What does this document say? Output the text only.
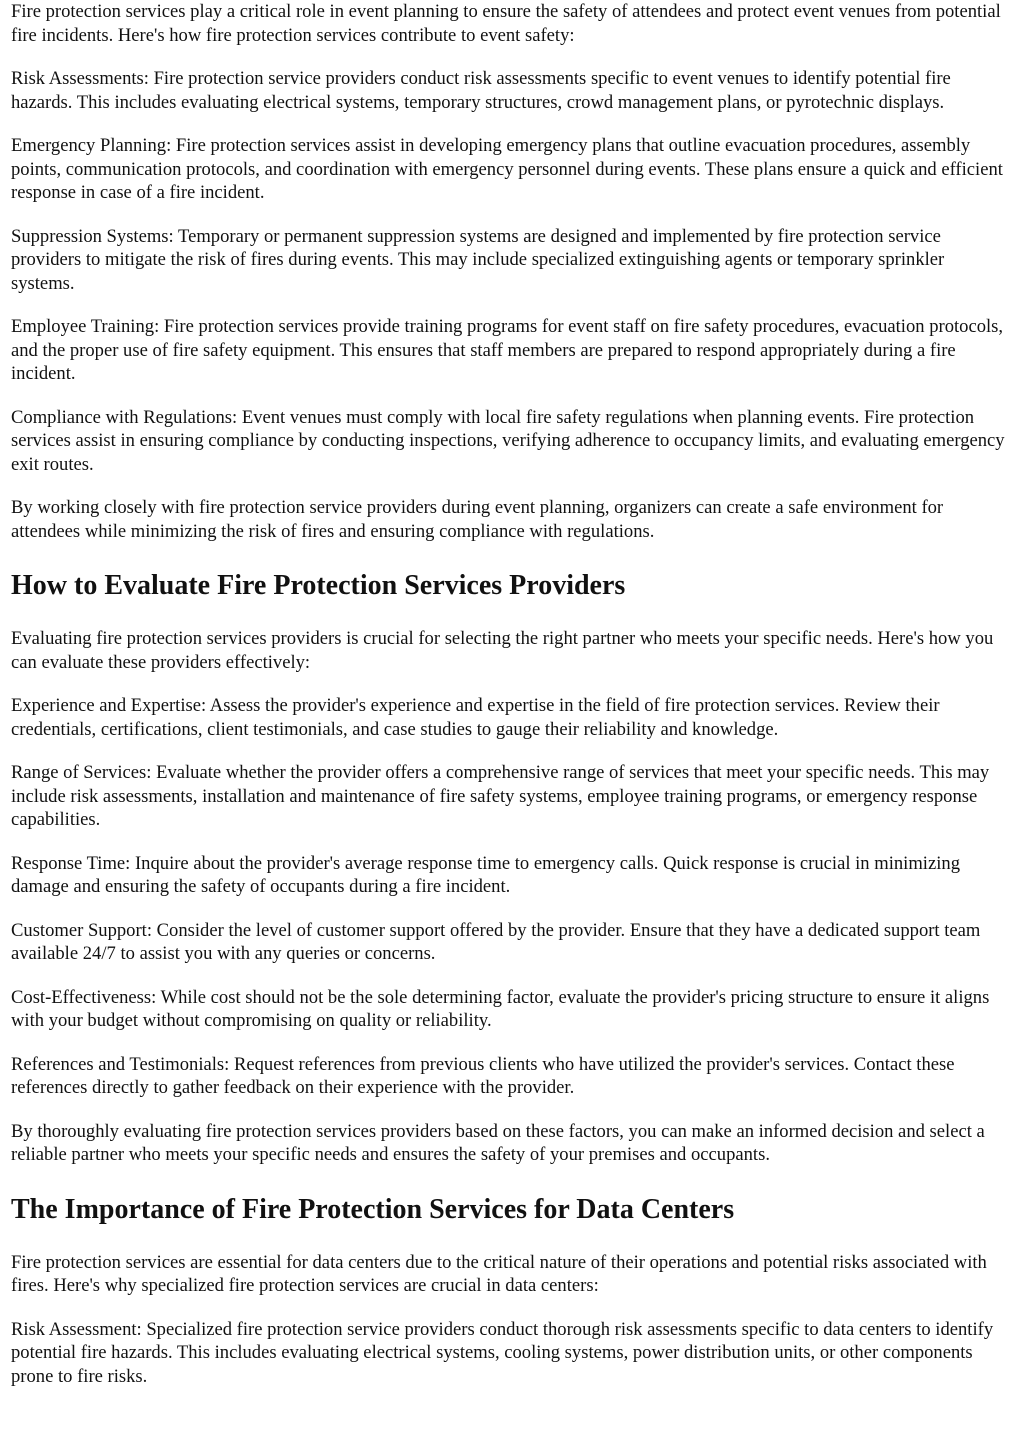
Fire protection services play a critical role in event planning to ensure the safety of attendees and protect event venues from potential fire incidents. Here's how fire protection services contribute to event safety:

Risk Assessments: Fire protection service providers conduct risk assessments specific to event venues to identify potential fire hazards. This includes evaluating electrical systems, temporary structures, crowd management plans, or pyrotechnic displays.

Emergency Planning: Fire protection services assist in developing emergency plans that outline evacuation procedures, assembly points, communication protocols, and coordination with emergency personnel during events. These plans ensure a quick and efficient response in case of a fire incident.

Suppression Systems: Temporary or permanent suppression systems are designed and implemented by fire protection service providers to mitigate the risk of fires during events. This may include specialized extinguishing agents or temporary sprinkler systems.

Employee Training: Fire protection services provide training programs for event staff on fire safety procedures, evacuation protocols, and the proper use of fire safety equipment. This ensures that staff members are prepared to respond appropriately during a fire incident.

Compliance with Regulations: Event venues must comply with local fire safety regulations when planning events. Fire protection services assist in ensuring compliance by conducting inspections, verifying adherence to occupancy limits, and evaluating emergency exit routes.

By working closely with fire protection service providers during event planning, organizers can create a safe environment for attendees while minimizing the risk of fires and ensuring compliance with regulations.

How to Evaluate Fire Protection Services Providers

Evaluating fire protection services providers is crucial for selecting the right partner who meets your specific needs. Here's how you can evaluate these providers effectively:

Experience and Expertise: Assess the provider's experience and expertise in the field of fire protection services. Review their credentials, certifications, client testimonials, and case studies to gauge their reliability and knowledge.

Range of Services: Evaluate whether the provider offers a comprehensive range of services that meet your specific needs. This may include risk assessments, installation and maintenance of fire safety systems, employee training programs, or emergency response capabilities.

Response Time: Inquire about the provider's average response time to emergency calls. Quick response is crucial in minimizing damage and ensuring the safety of occupants during a fire incident.

Customer Support: Consider the level of customer support offered by the provider. Ensure that they have a dedicated support team available 24/7 to assist you with any queries or concerns.

Cost-Effectiveness: While cost should not be the sole determining factor, evaluate the provider's pricing structure to ensure it aligns with your budget without compromising on quality or reliability.

References and Testimonials: Request references from previous clients who have utilized the provider's services. Contact these references directly to gather feedback on their experience with the provider.

By thoroughly evaluating fire protection services providers based on these factors, you can make an informed decision and select a reliable partner who meets your specific needs and ensures the safety of your premises and occupants.

The Importance of Fire Protection Services for Data Centers

Fire protection services are essential for data centers due to the critical nature of their operations and potential risks associated with fires. Here's why specialized fire protection services are crucial in data centers:

Risk Assessment: Specialized fire protection service providers conduct thorough risk assessments specific to data centers to identify potential fire hazards. This includes evaluating electrical systems, cooling systems, power distribution units, or other components prone to fire risks.
